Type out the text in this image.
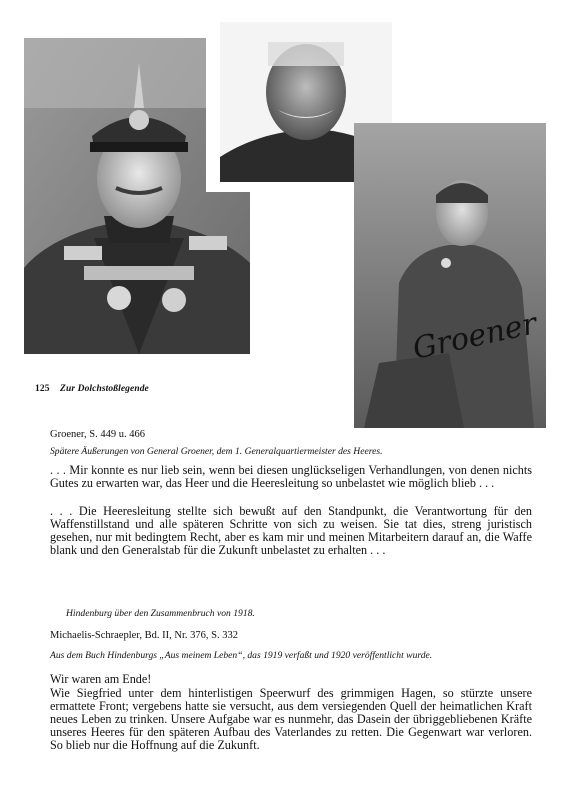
Groener
125 Zur Dolchstoßlegende
Groener, S. 449 u. 466
Spätere Äußerungen von General Groener, dem 1. Generalquartiermeister des Heeres.
. . . Mir konnte es nur lieb sein, wenn bei diesen unglückseligen Verhandlungen, von denen nichts Gutes zu erwarten war, das Heer und die Heeresleitung so unbelastet wie möglich blieb . . .
. . . Die Heeresleitung stellte sich bewußt auf den Standpunkt, die Verantwortung für den Waffenstillstand und alle späteren Schritte von sich zu weisen. Sie tat dies, streng juristisch gesehen, nur mit bedingtem Recht, aber es kam mir und meinen Mitarbeitern darauf an, die Waffe blank und den Generalstab für die Zukunft unbelastet zu erhalten . . .
Hindenburg über den Zusammenbruch von 1918.
Michaelis-Schraepler, Bd. II, Nr. 376, S. 332
Aus dem Buch Hindenburgs „Aus meinem Leben“, das 1919 verfaßt und 1920 veröffentlicht wurde.
Wir waren am Ende!
Wie Siegfried unter dem hinterlistigen Speerwurf des grimmigen Hagen, so stürzte unsere ermattete Front; vergebens hatte sie versucht, aus dem versiegenden Quell der heimatlichen Kraft neues Leben zu trinken. Unsere Aufgabe war es nunmehr, das Dasein der übriggebliebenen Kräfte unseres Heeres für den späteren Aufbau des Vaterlandes zu retten. Die Gegenwart war verloren. So blieb nur die Hoffnung auf die Zukunft.
